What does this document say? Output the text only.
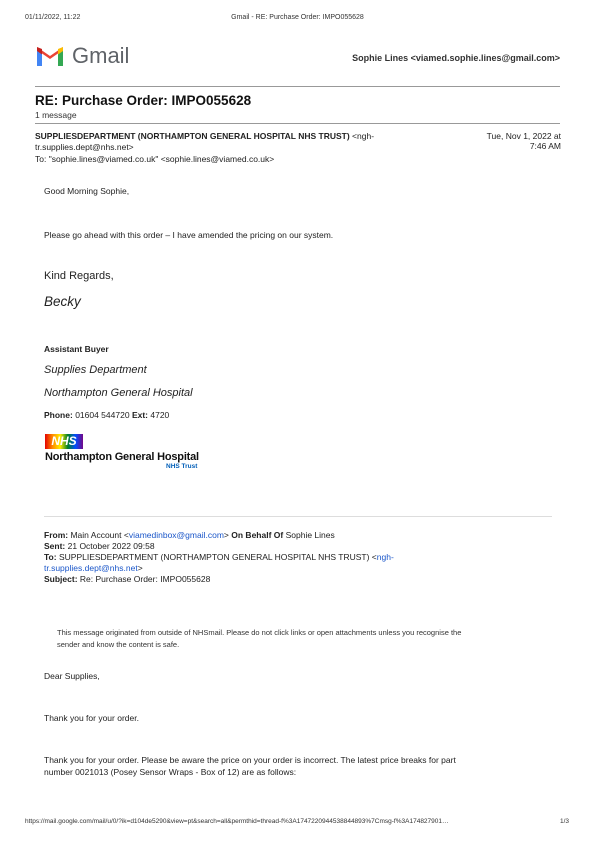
01/11/2022, 11:22	Gmail - RE: Purchase Order: IMPO055628
Gmail	Sophie Lines <viamed.sophie.lines@gmail.com>
RE: Purchase Order: IMPO055628
1 message
SUPPLIESDEPARTMENT (NORTHAMPTON GENERAL HOSPITAL NHS TRUST) <ngh-
tr.supplies.dept@nhs.net>
To: "sophie.lines@viamed.co.uk" <sophie.lines@viamed.co.uk>
Tue, Nov 1, 2022 at
7:46 AM
Good Morning Sophie,
Please go ahead with this order – I have amended the pricing on our system.
Kind Regards,
Becky
Assistant Buyer
Supplies Department
Northampton General Hospital
Phone: 01604 544720 Ext: 4720
NHS
Northampton General Hospital
NHS Trust
From: Main Account <viamedinbox@gmail.com> On Behalf Of Sophie Lines
Sent: 21 October 2022 09:58
To: SUPPLIESDEPARTMENT (NORTHAMPTON GENERAL HOSPITAL NHS TRUST) <ngh-
tr.supplies.dept@nhs.net>
Subject: Re: Purchase Order: IMPO055628
This message originated from outside of NHSmail. Please do not click links or open attachments unless you recognise the
sender and know the content is safe.
Dear Supplies,
Thank you for your order.
Thank you for your order. Please be aware the price on your order is incorrect. The latest price breaks for part
number 0021013 (Posey Sensor Wraps - Box of 12) are as follows:
https://mail.google.com/mail/u/0/?ik=d104de5290&view=pt&search=all&permthid=thread-f%3A1747220944538844893%7Cmsg-f%3A174827901…	1/3
